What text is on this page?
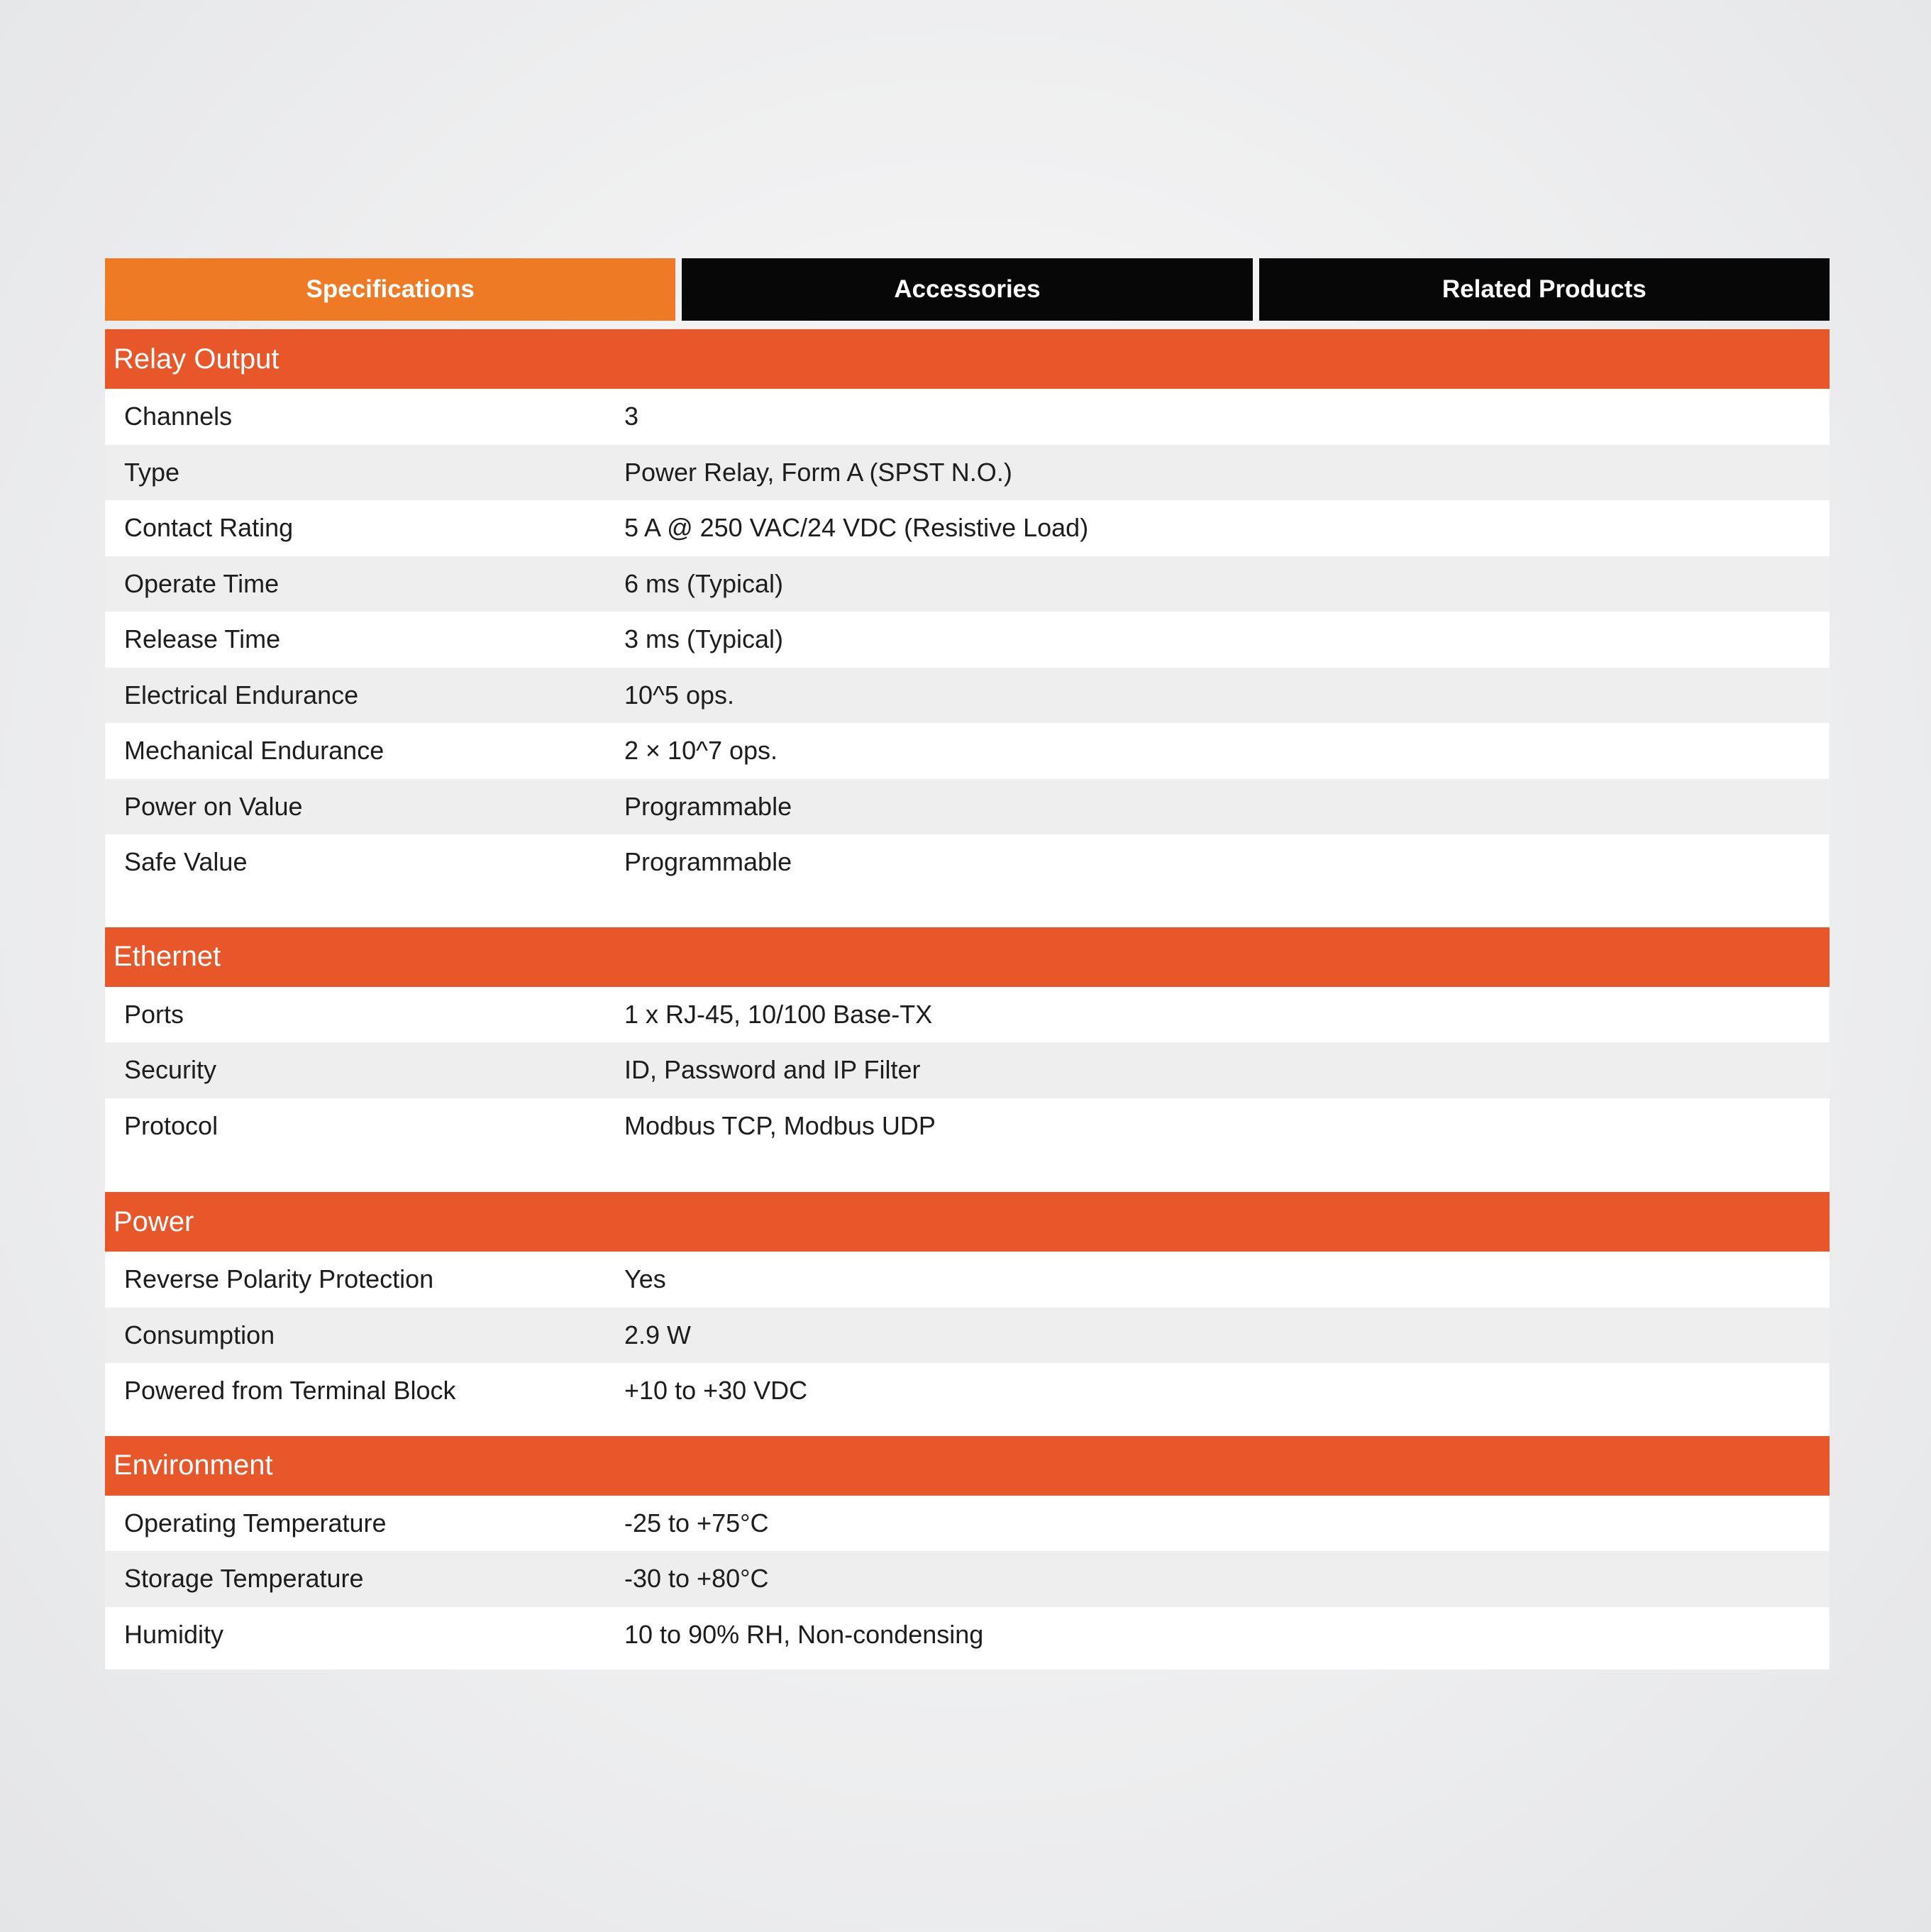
Specifications	Accessories	Related Products
Relay Output
Channels	3
Type	Power Relay, Form A (SPST N.O.)
Contact Rating	5 A @ 250 VAC/24 VDC (Resistive Load)
Operate Time	6 ms (Typical)
Release Time	3 ms (Typical)
Electrical Endurance	10^5 ops.
Mechanical Endurance	2 × 10^7 ops.
Power on Value	Programmable
Safe Value	Programmable
Ethernet
Ports	1 x RJ-45, 10/100 Base-TX
Security	ID, Password and IP Filter
Protocol	Modbus TCP, Modbus UDP
Power
Reverse Polarity Protection	Yes
Consumption	2.9 W
Powered from Terminal Block	+10 to +30 VDC
Environment
Operating Temperature	-25 to +75°C
Storage Temperature	-30 to +80°C
Humidity	10 to 90% RH, Non-condensing
